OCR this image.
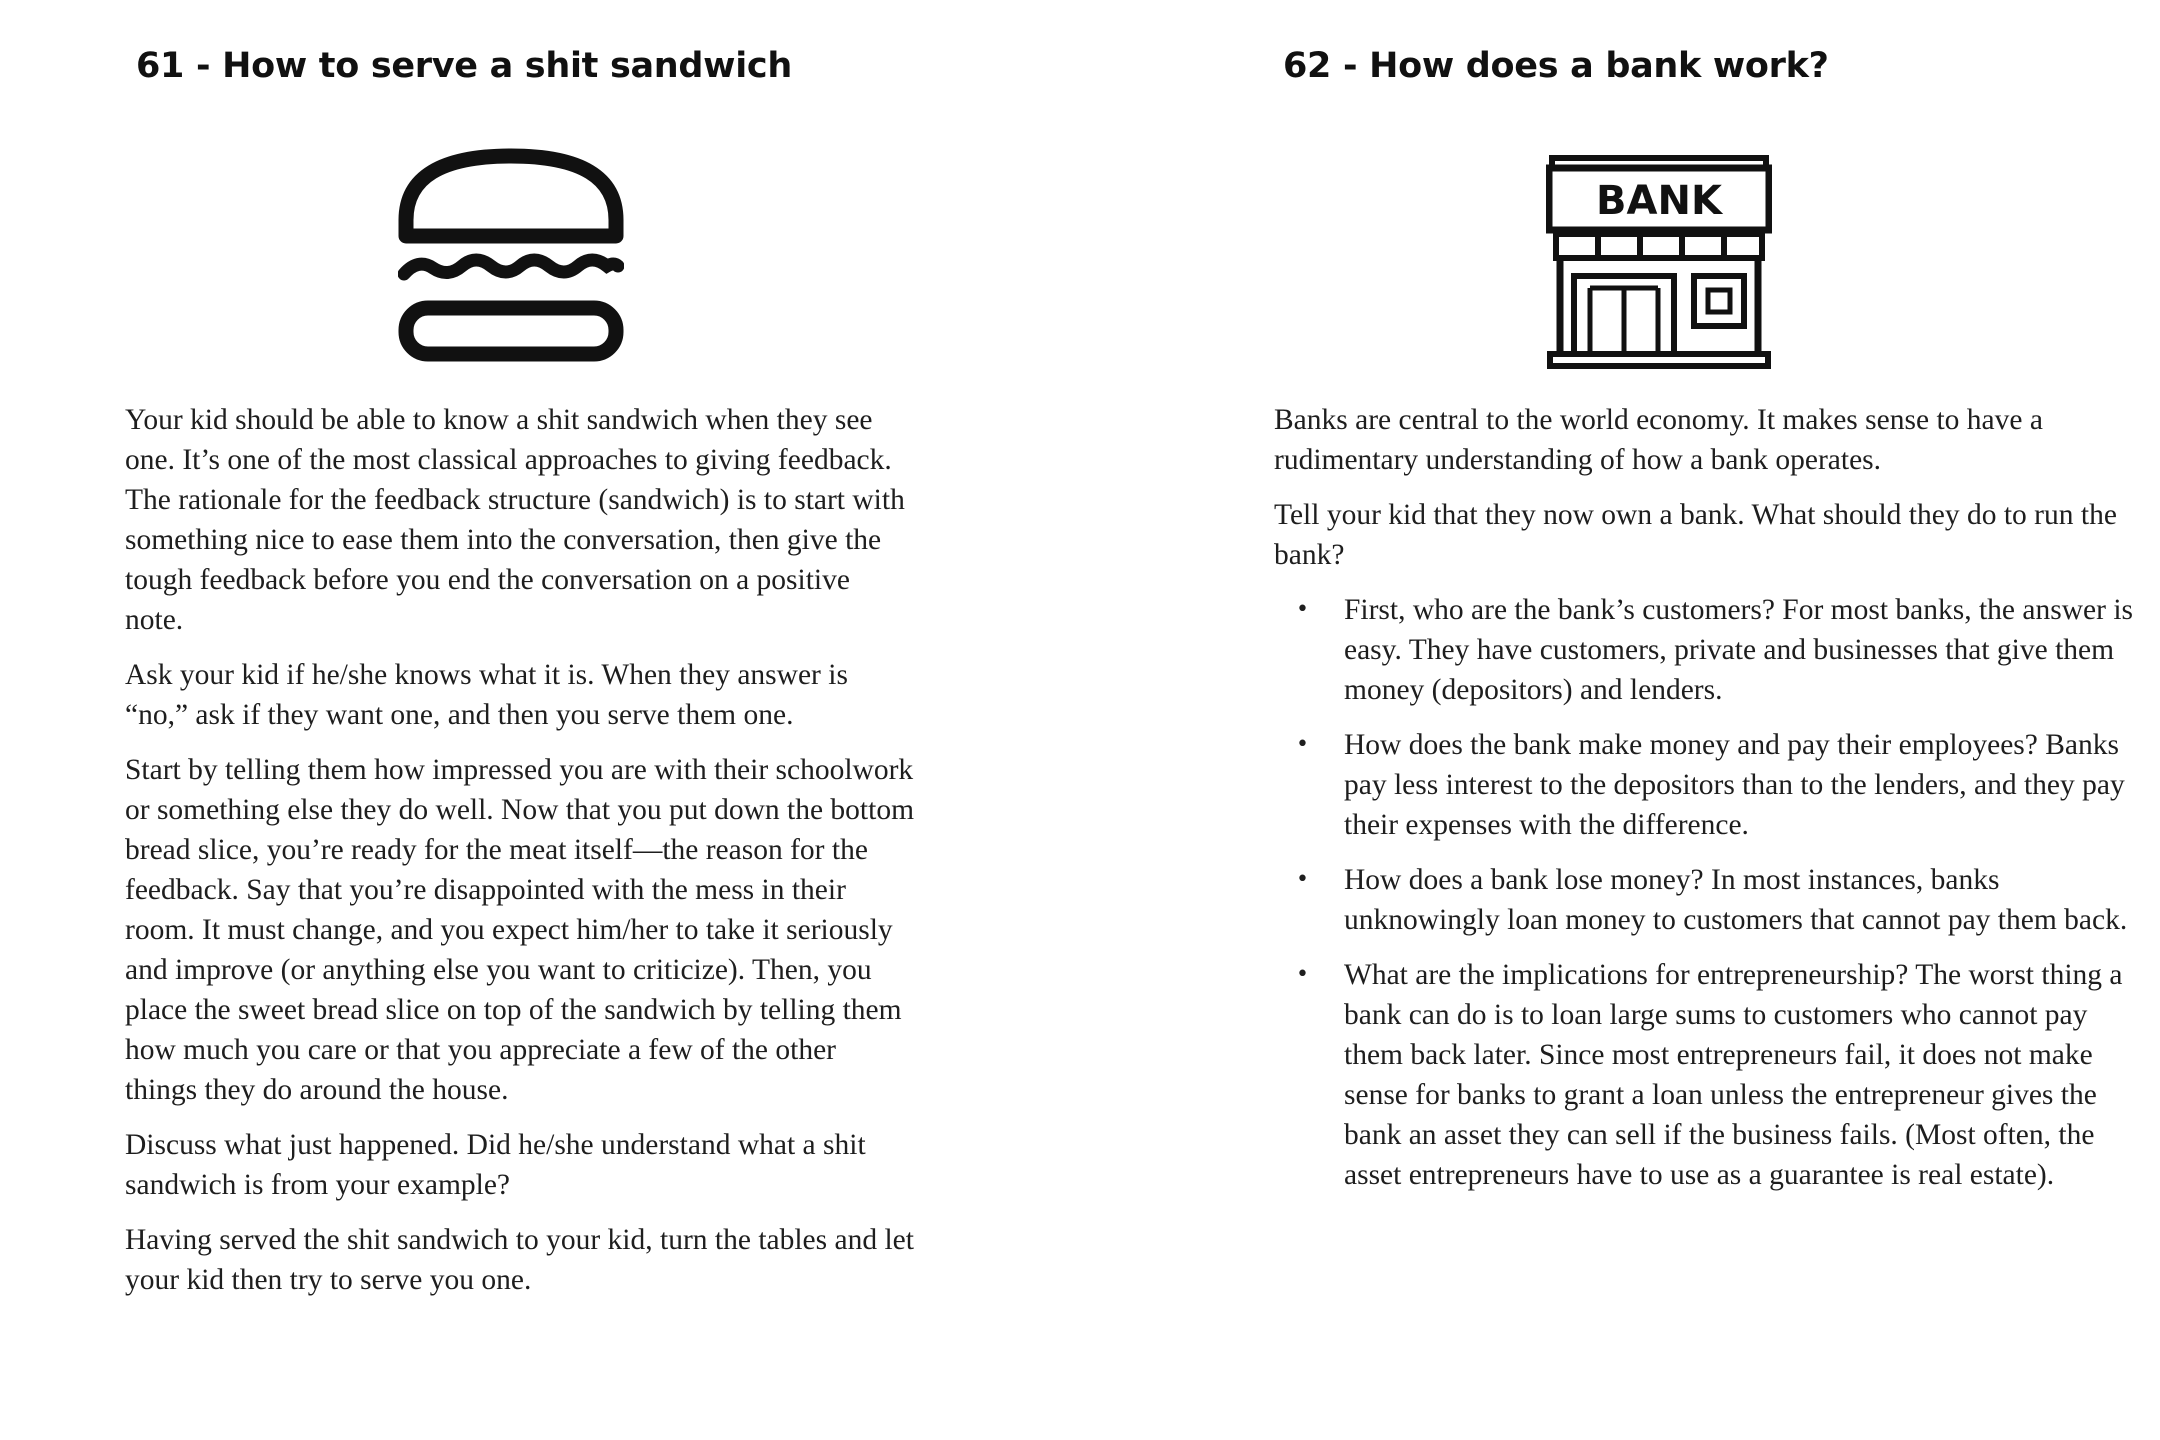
61 - How to serve a shit sandwich

Your kid should be able to know a shit sandwich when they see one. It’s one of the most classical approaches to giving feedback. The rationale for the feedback structure (sandwich) is to start with something nice to ease them into the conversation, then give the tough feedback before you end the conversation on a positive note.

Ask your kid if he/she knows what it is. When they answer is “no,” ask if they want one, and then you serve them one.

Start by telling them how impressed you are with their schoolwork or something else they do well. Now that you put down the bottom bread slice, you’re ready for the meat itself—the reason for the feedback. Say that you’re disappointed with the mess in their room. It must change, and you expect him/her to take it seriously and improve (or anything else you want to criticize). Then, you place the sweet bread slice on top of the sandwich by telling them how much you care or that you appreciate a few of the other things they do around the house.

Discuss what just happened. Did he/she understand what a shit sandwich is from your example?

Having served the shit sandwich to your kid, turn the tables and let your kid then try to serve you one.

62 - How does a bank work?
BANK

Banks are central to the world economy. It makes sense to have a rudimentary understanding of how a bank operates.

Tell your kid that they now own a bank. What should they do to run the bank?

• First, who are the bank’s customers? For most banks, the answer is easy. They have customers, private and businesses that give them money (depositors) and lenders.
• How does the bank make money and pay their employees? Banks pay less interest to the depositors than to the lenders, and they pay their expenses with the difference.
• How does a bank lose money? In most instances, banks unknowingly loan money to customers that cannot pay them back.
• What are the implications for entrepreneurship? The worst thing a bank can do is to loan large sums to customers who cannot pay them back later. Since most entrepreneurs fail, it does not make sense for banks to grant a loan unless the entrepreneur gives the bank an asset they can sell if the business fails. (Most often, the asset entrepreneurs have to use as a guarantee is real estate).
